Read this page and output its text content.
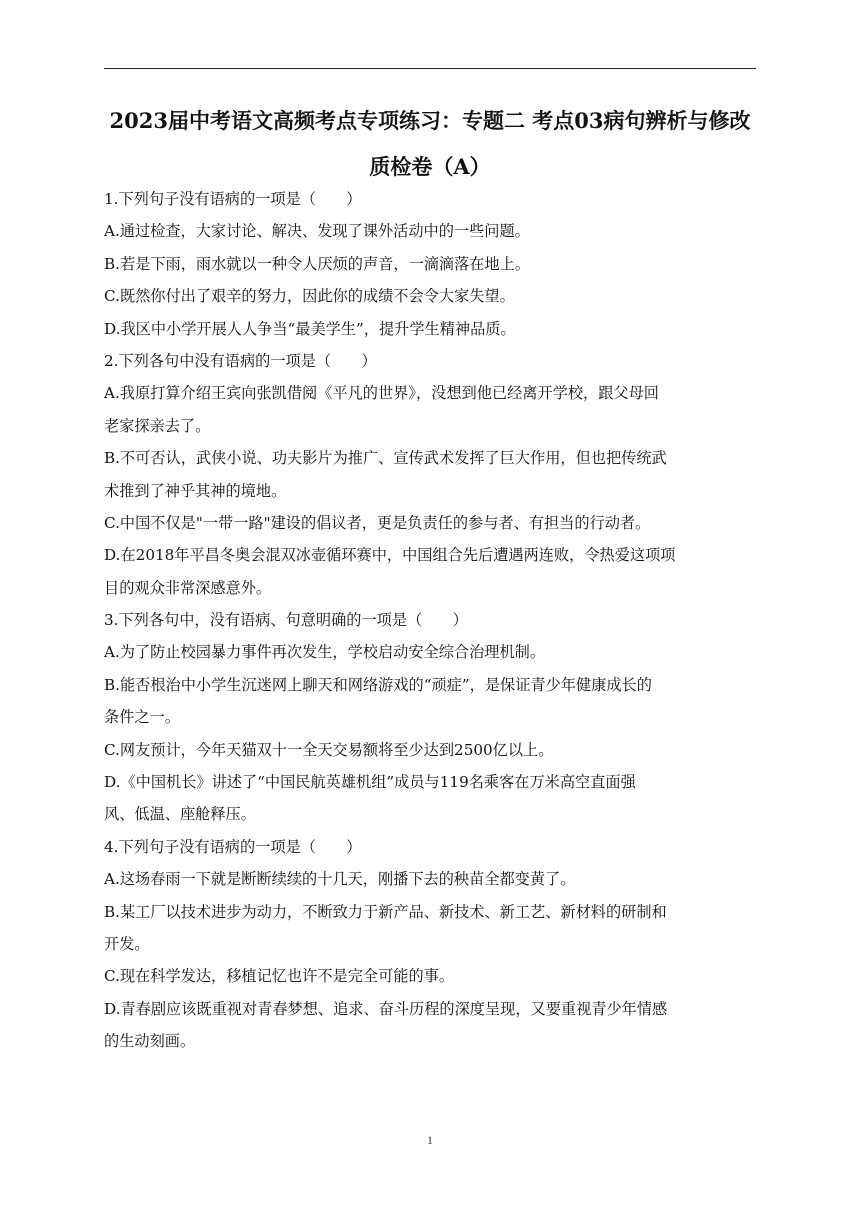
2023届中考语文高频考点专项练习：专题二 考点03病句辨析与修改
质检卷（A）
1.下列句子没有语病的一项是（　　）
A.通过检查，大家讨论、解决、发现了课外活动中的一些问题。
B.若是下雨，雨水就以一种令人厌烦的声音，一滴滴落在地上。
C.既然你付出了艰辛的努力，因此你的成绩不会令大家失望。
D.我区中小学开展人人争当“最美学生”，提升学生精神品质。
2.下列各句中没有语病的一项是（　　）
A.我原打算介绍王宾向张凯借阅《平凡的世界》，没想到他已经离开学校，跟父母回
老家探亲去了。
B.不可否认，武侠小说、功夫影片为推广、宣传武术发挥了巨大作用，但也把传统武
术推到了神乎其神的境地。
C.中国不仅是"一带一路"建设的倡议者，更是负责任的参与者、有担当的行动者。
D.在2018年平昌冬奥会混双冰壶循环赛中，中国组合先后遭遇两连败，令热爱这项项
目的观众非常深感意外。
3.下列各句中，没有语病、句意明确的一项是（　　）
A.为了防止校园暴力事件再次发生，学校启动安全综合治理机制。
B.能否根治中小学生沉迷网上聊天和网络游戏的“顽症”，是保证青少年健康成长的
条件之一。
C.网友预计，今年天猫双十一全天交易额将至少达到2500亿以上。
D.《中国机长》讲述了“中国民航英雄机组”成员与119名乘客在万米高空直面强
风、低温、座舱释压。
4.下列句子没有语病的一项是（　　）
A.这场春雨一下就是断断续续的十几天，刚播下去的秧苗全都变黄了。
B.某工厂以技术进步为动力，不断致力于新产品、新技术、新工艺、新材料的研制和
开发。
C.现在科学发达，移植记忆也许不是完全可能的事。
D.青春剧应该既重视对青春梦想、追求、奋斗历程的深度呈现，又要重视青少年情感
的生动刻画。
1
